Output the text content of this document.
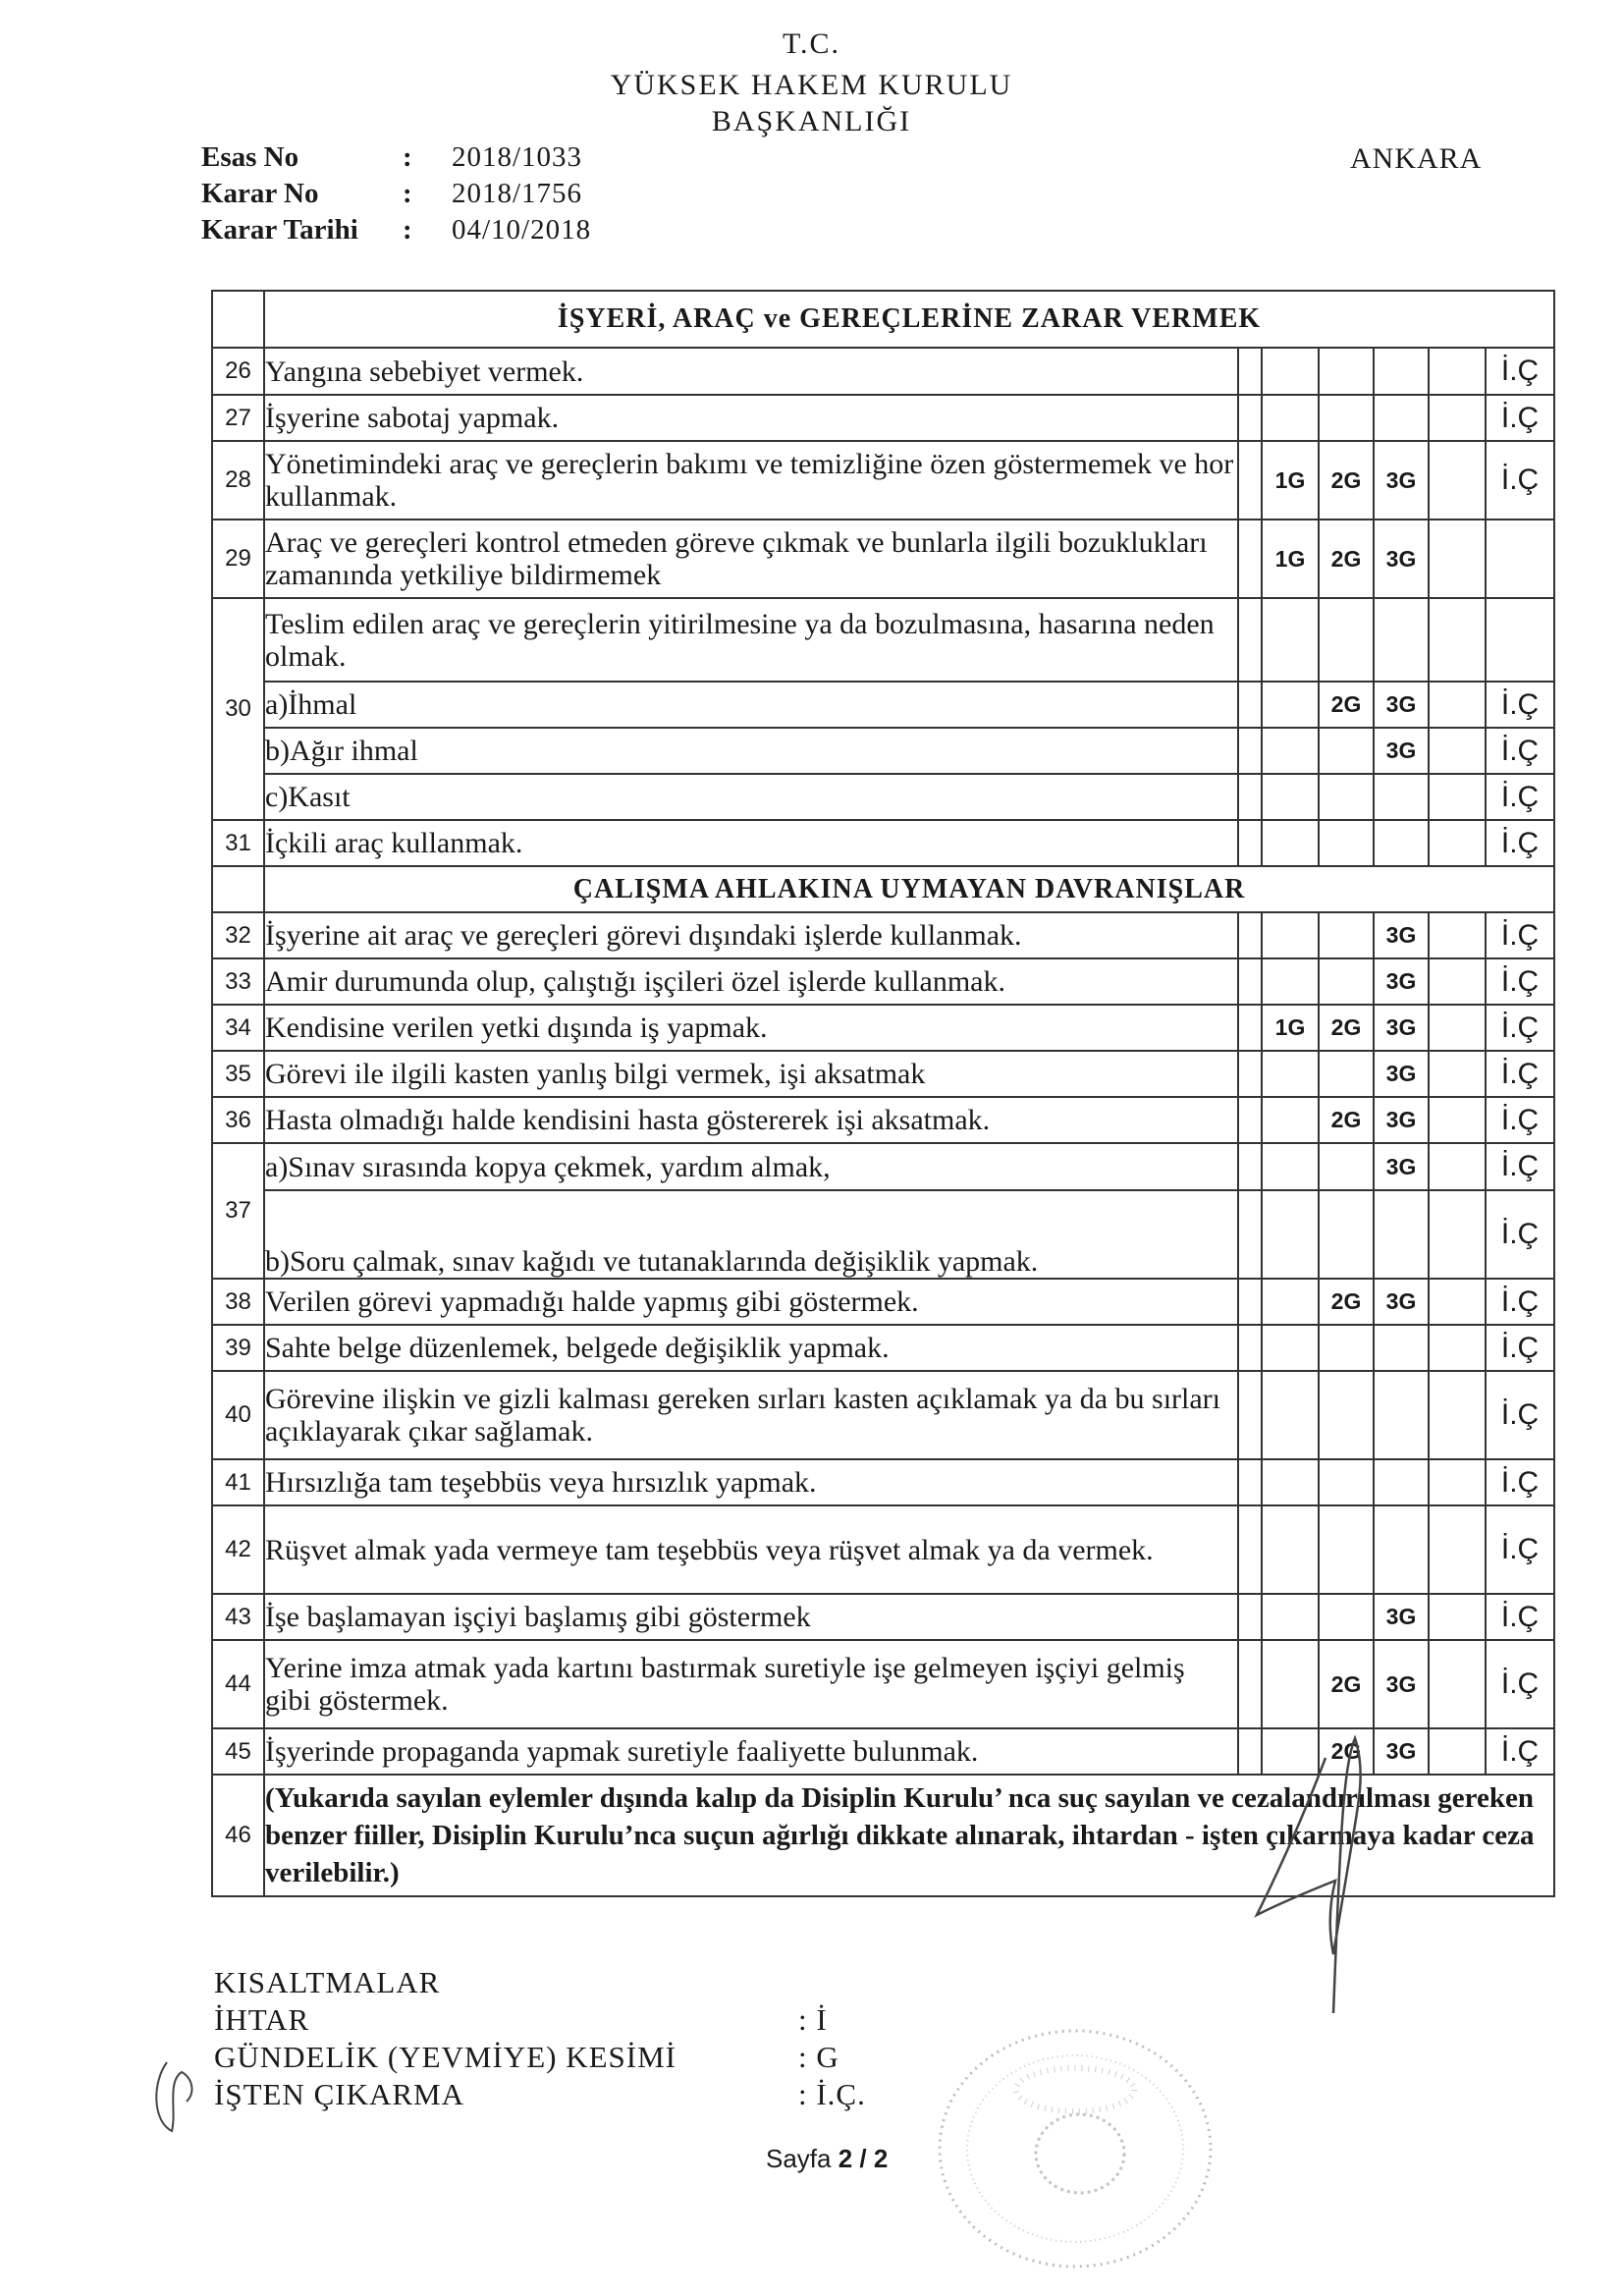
T.C.
YÜKSEK HAKEM KURULU
BAŞKANLIĞI
Esas No	:	2018/1033
Karar No	:	2018/1756
Karar Tarihi	:	04/10/2018
ANKARA
	İŞYERİ, ARAÇ ve GEREÇLERİNE ZARAR VERMEK						
26	Yangına sebebiyet vermek.						İ.Ç
27	İşyerine sabotaj yapmak.						İ.Ç
28	Yönetimindeki araç ve gereçlerin bakımı ve temizliğine özen göstermemek ve hor kullanmak.		1G	2G	3G		İ.Ç
29	Araç ve gereçleri kontrol etmeden göreve çıkmak ve bunlarla ilgili bozuklukları zamanında yetkiliye bildirmemek		1G	2G	3G		
30	Teslim edilen araç ve gereçlerin yitirilmesine ya da bozulmasına, hasarına neden olmak.						
	a)İhmal			2G	3G		İ.Ç
	b)Ağır ihmal				3G		İ.Ç
	c)Kasıt						İ.Ç
31	İçkili araç kullanmak.						İ.Ç
	ÇALIŞMA AHLAKINA UYMAYAN DAVRANIŞLAR						
32	İşyerine ait araç ve gereçleri görevi dışındaki işlerde kullanmak.				3G		İ.Ç
33	Amir durumunda olup, çalıştığı işçileri özel işlerde kullanmak.				3G		İ.Ç
34	Kendisine verilen yetki dışında iş yapmak.		1G	2G	3G		İ.Ç
35	Görevi ile ilgili kasten yanlış bilgi vermek, işi aksatmak				3G		İ.Ç
36	Hasta olmadığı halde kendisini hasta göstererek işi aksatmak.			2G	3G		İ.Ç
37	a)Sınav sırasında kopya çekmek, yardım almak,				3G		İ.Ç
	b)Soru çalmak, sınav kağıdı ve tutanaklarında değişiklik yapmak.						İ.Ç
38	Verilen görevi yapmadığı halde yapmış gibi göstermek.			2G	3G		İ.Ç
39	Sahte belge düzenlemek, belgede değişiklik yapmak.						İ.Ç
40	Görevine ilişkin ve gizli kalması gereken sırları kasten açıklamak ya da bu sırları açıklayarak çıkar sağlamak.						İ.Ç
41	Hırsızlığa tam teşebbüs veya hırsızlık yapmak.						İ.Ç
42	Rüşvet almak yada vermeye tam teşebbüs veya rüşvet almak ya da vermek.						İ.Ç
43	İşe başlamayan işçiyi başlamış gibi göstermek				3G		İ.Ç
44	Yerine imza atmak yada kartını bastırmak suretiyle işe gelmeyen işçiyi gelmiş gibi göstermek.			2G	3G		İ.Ç
45	İşyerinde propaganda yapmak suretiyle faaliyette bulunmak.			2G	3G		İ.Ç
46	(Yukarıda sayılan eylemler dışında kalıp da Disiplin Kurulu’ nca suç sayılan ve cezalandırılması gereken benzer fiiller, Disiplin Kurulu’nca suçun ağırlığı dikkate alınarak, ihtardan - işten çıkarmaya kadar ceza verilebilir.)						
KISALTMALAR
İHTAR	: İ
GÜNDELİK (YEVMİYE) KESİMİ	: G
İŞTEN ÇIKARMA	: İ.Ç.
Sayfa 2 / 2
